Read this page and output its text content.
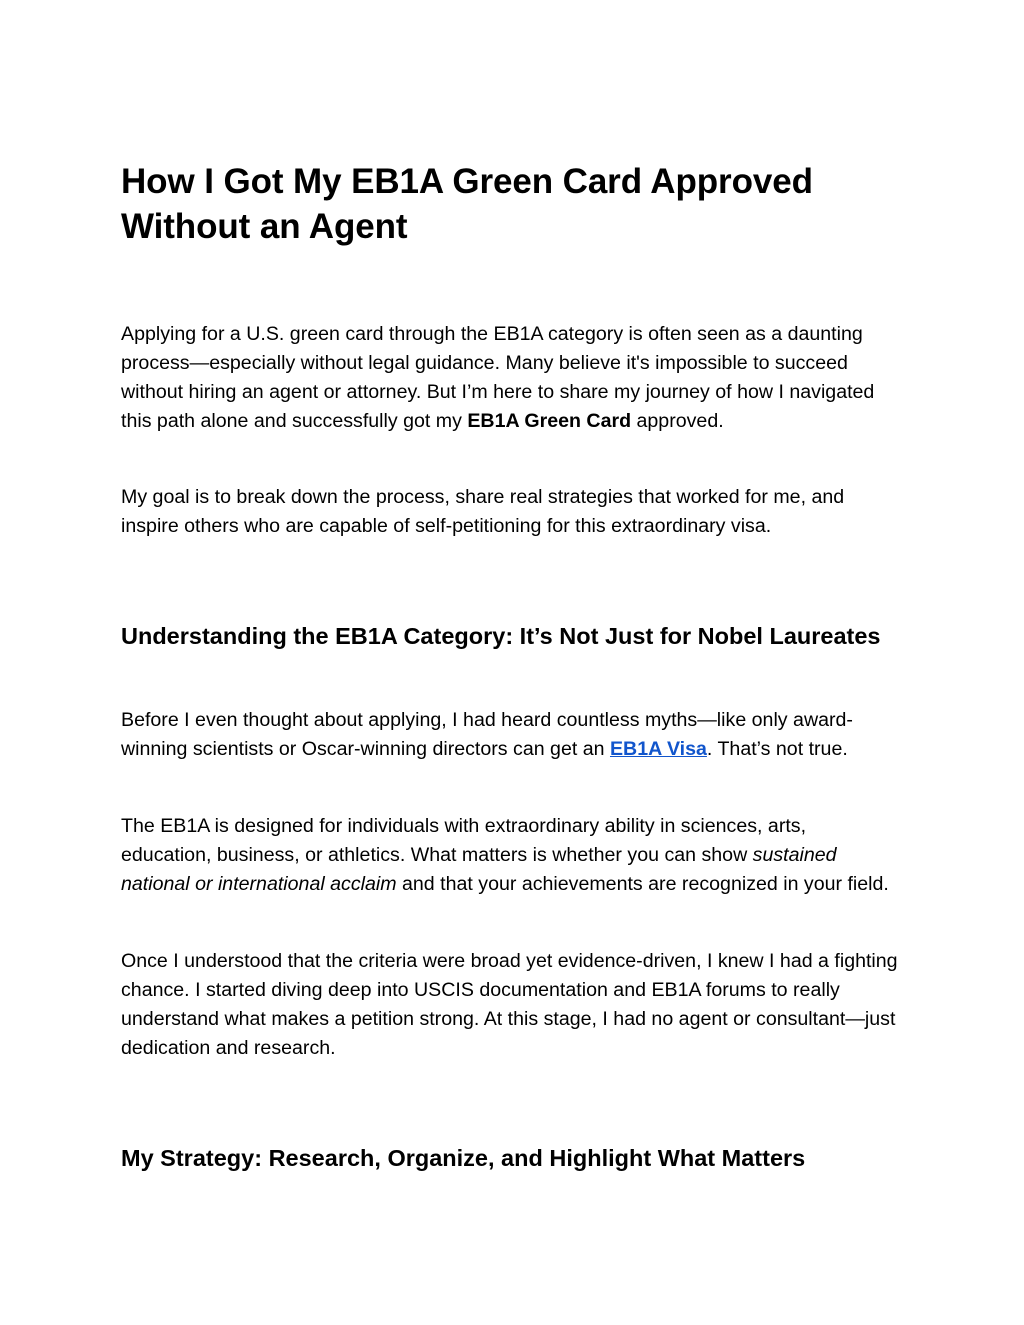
How I Got My EB1A Green Card Approved Without an Agent

Applying for a U.S. green card through the EB1A category is often seen as a daunting process—especially without legal guidance. Many believe it's impossible to succeed without hiring an agent or attorney. But I’m here to share my journey of how I navigated this path alone and successfully got my EB1A Green Card approved.

My goal is to break down the process, share real strategies that worked for me, and inspire others who are capable of self-petitioning for this extraordinary visa.

Understanding the EB1A Category: It’s Not Just for Nobel Laureates

Before I even thought about applying, I had heard countless myths—like only award-winning scientists or Oscar-winning directors can get an EB1A Visa. That’s not true.

The EB1A is designed for individuals with extraordinary ability in sciences, arts, education, business, or athletics. What matters is whether you can show sustained national or international acclaim and that your achievements are recognized in your field.

Once I understood that the criteria were broad yet evidence-driven, I knew I had a fighting chance. I started diving deep into USCIS documentation and EB1A forums to really understand what makes a petition strong. At this stage, I had no agent or consultant—just dedication and research.

My Strategy: Research, Organize, and Highlight What Matters
